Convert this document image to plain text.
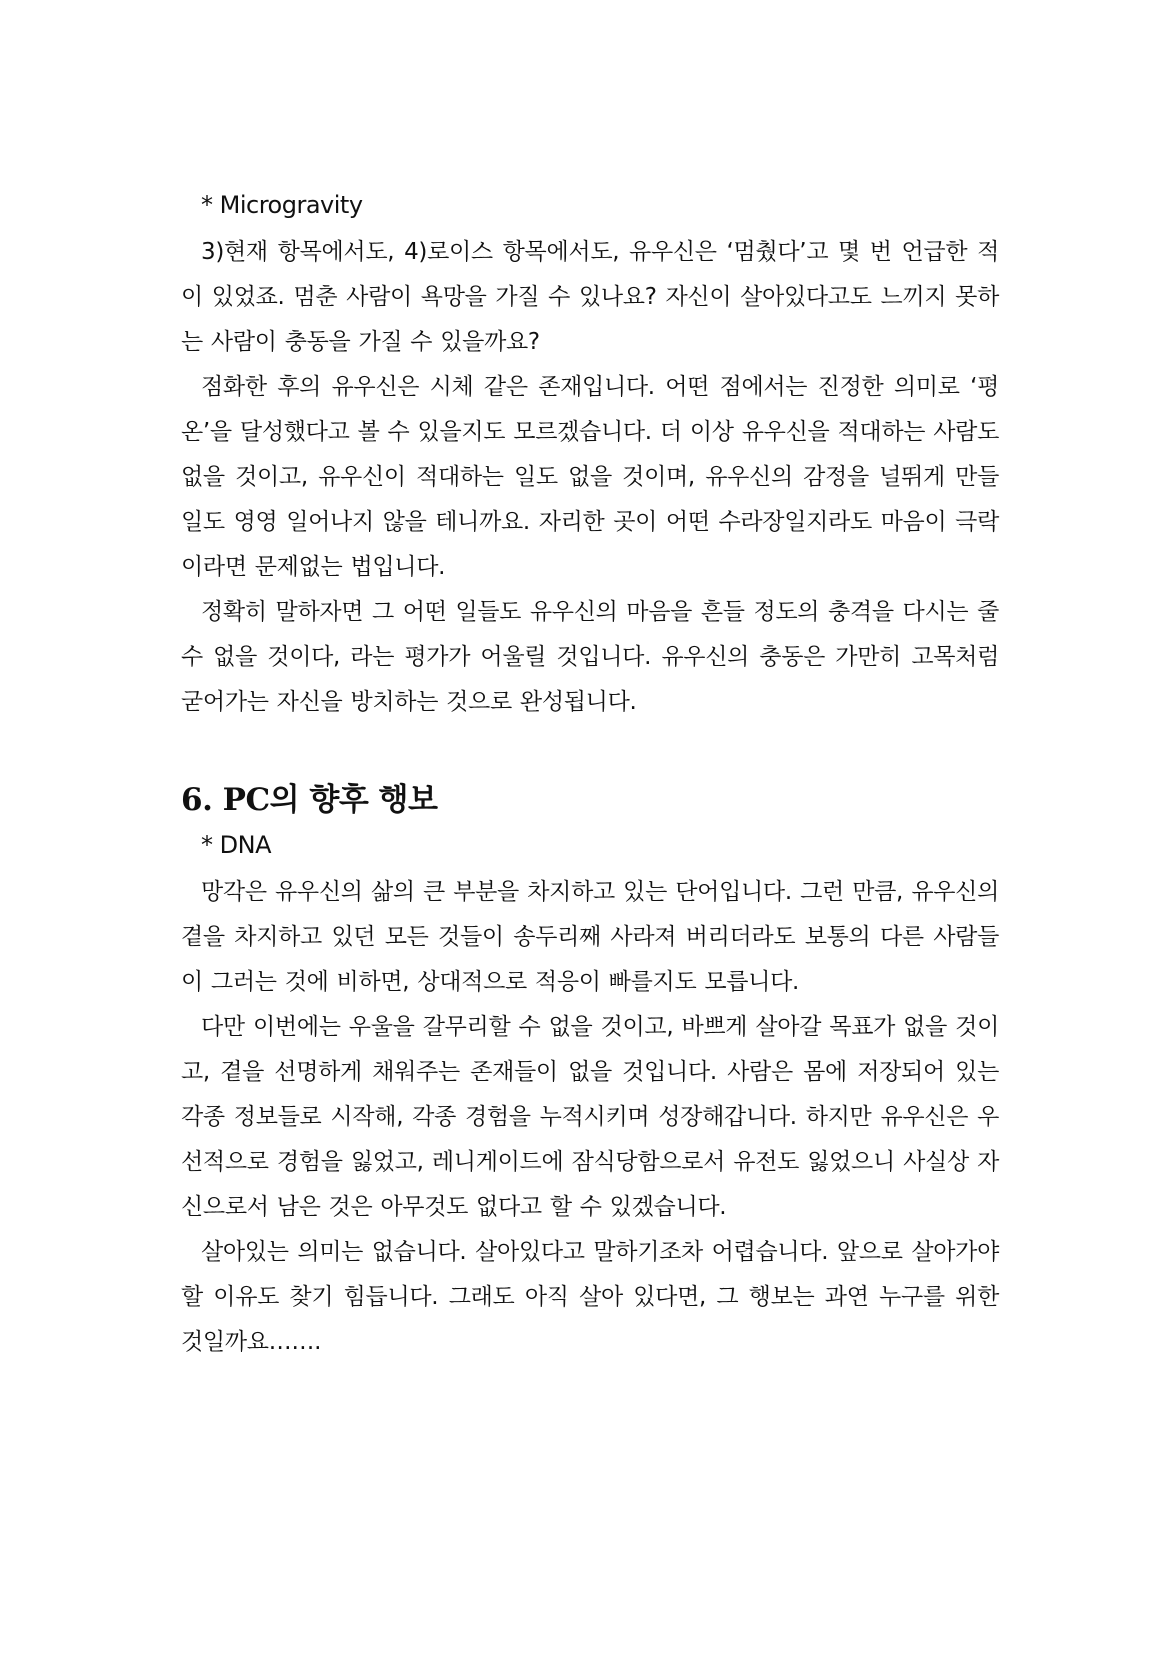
* Microgravity

3)현재 항목에서도, 4)로이스 항목에서도, 유우신은 ‘멈췄다’고 몇 번 언급한 적이 있었죠. 멈춘 사람이 욕망을 가질 수 있나요? 자신이 살아있다고도 느끼지 못하는 사람이 충동을 가질 수 있을까요?

점화한 후의 유우신은 시체 같은 존재입니다. 어떤 점에서는 진정한 의미로 ‘평온’을 달성했다고 볼 수 있을지도 모르겠습니다. 더 이상 유우신을 적대하는 사람도 없을 것이고, 유우신이 적대하는 일도 없을 것이며, 유우신의 감정을 널뛰게 만들 일도 영영 일어나지 않을 테니까요. 자리한 곳이 어떤 수라장일지라도 마음이 극락이라면 문제없는 법입니다.

정확히 말하자면 그 어떤 일들도 유우신의 마음을 흔들 정도의 충격을 다시는 줄 수 없을 것이다, 라는 평가가 어울릴 것입니다. 유우신의 충동은 가만히 고목처럼 굳어가는 자신을 방치하는 것으로 완성됩니다.

6. PC의 향후 행보

* DNA

망각은 유우신의 삶의 큰 부분을 차지하고 있는 단어입니다. 그런 만큼, 유우신의 곁을 차지하고 있던 모든 것들이 송두리째 사라져 버리더라도 보통의 다른 사람들이 그러는 것에 비하면, 상대적으로 적응이 빠를지도 모릅니다.

다만 이번에는 우울을 갈무리할 수 없을 것이고, 바쁘게 살아갈 목표가 없을 것이고, 곁을 선명하게 채워주는 존재들이 없을 것입니다. 사람은 몸에 저장되어 있는 각종 정보들로 시작해, 각종 경험을 누적시키며 성장해갑니다. 하지만 유우신은 우선적으로 경험을 잃었고, 레니게이드에 잠식당함으로서 유전도 잃었으니 사실상 자신으로서 남은 것은 아무것도 없다고 할 수 있겠습니다.

살아있는 의미는 없습니다. 살아있다고 말하기조차 어렵습니다. 앞으로 살아가야 할 이유도 찾기 힘듭니다. 그래도 아직 살아 있다면, 그 행보는 과연 누구를 위한 것일까요…….
